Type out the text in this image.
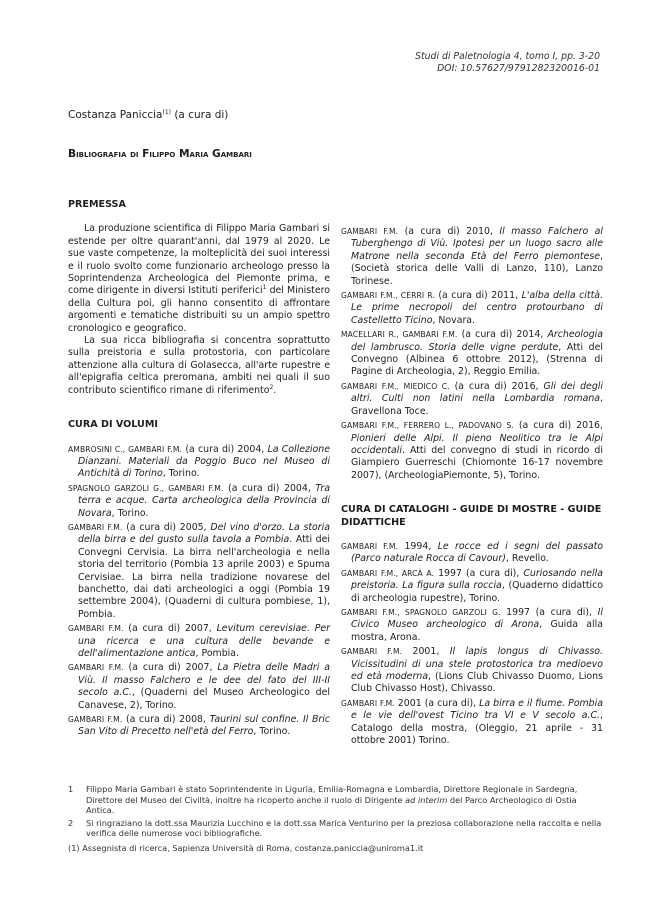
Studi di Paletnologia 4, tomo I, pp. 3-20
DOI: 10.57627/9791282320016-01
Costanza Paniccia$^{(1)}$ (a cura di)
Bibliografia di Filippo Maria Gambari
PREMESSA

La produzione scientifica di Filippo Maria Gambari si estende per oltre quarant'anni, dal 1979 al 2020. Le sue vaste competenze, la molteplicità dei suoi interessi e il ruolo svolto come funzionario archeologo presso la Soprintendenza Archeologica del Piemonte prima, e come dirigente in diversi Istituti periferici$^1$ del Ministero della Cultura poi, gli hanno consentito di affrontare argomenti e tematiche distribuiti su un ampio spettro cronologico e geografico.

La sua ricca bibliografia si concentra soprattutto sulla preistoria e sulla protostoria, con particolare attenzione alla cultura di Golasecca, all'arte rupestre e all'epigrafia celtica preromana, ambiti nei quali il suo contributo scientifico rimane di riferimento$^2$.

CURA DI VOLUMI

AMBROSINI C., GAMBARI F.M. (a cura di) 2004, La Collezione Dianzani. Materiali da Poggio Buco nel Museo di Antichità di Torino, Torino.

SPAGNOLO GARZOLI G., GAMBARI F.M. (a cura di) 2004, Tra terra e acque. Carta archeologica della Provincia di Novara, Torino.

GAMBARI F.M. (a cura di) 2005, Del vino d'orzo. La storia della birra e del gusto sulla tavola a Pombia. Atti dei Convegni Cervisia. La birra nell'archeologia e nella storia del territorio (Pombia 13 aprile 2003) e Spuma Cervisiae. La birra nella tradizione novarese del banchetto, dai dati archeologici a oggi (Pombia 19 settembre 2004), (Quaderni di cultura pombiese, 1), Pombia.

GAMBARI F.M. (a cura di) 2007, Levitum cerevisiae. Per una ricerca e una cultura delle bevande e dell'alimentazione antica, Pombia.

GAMBARI F.M. (a cura di) 2007, La Pietra delle Madri a Viù. Il masso Falchero e le dee del fato del III-II secolo a.C., (Quaderni del Museo Archeologico del Canavese, 2), Torino.

GAMBARI F.M. (a cura di) 2008, Taurini sul confine. Il Bric San Vito di Precetto nell'età del Ferro, Torino.

GAMBARI F.M. (a cura di) 2010, Il masso Falchero al Tuberghengo di Viù. Ipotesi per un luogo sacro alle Matrone nella seconda Età del Ferro piemontese, (Società storica delle Valli di Lanzo, 110), Lanzo Torinese.

GAMBARI F.M., CERRI R. (a cura di) 2011, L'alba della città. Le prime necropoli del centro protourbano di Castelletto Ticino, Novara.

MACELLARI R., GAMBARI F.M. (a cura di) 2014, Archeologia del lambrusco. Storia delle vigne perdute, Atti del Convegno (Albinea 6 ottobre 2012), (Strenna di Pagine di Archeologia, 2), Reggio Emilia.

GAMBARI F.M., MIEDICO C. (a cura di) 2016, Gli dei degli altri. Culti non latini nella Lombardia romana, Gravellona Toce.

GAMBARI F.M., FERRERO L., PADOVANO S. (a cura di) 2016, Pionieri delle Alpi. Il pieno Neolitico tra le Alpi occidentali. Atti del convegno di studi in ricordo di Giampiero Guerreschi (Chiomonte 16-17 novembre 2007), (ArcheologiaPiemonte, 5), Torino.

CURA DI CATALOGHI - GUIDE DI MOSTRE - GUIDE
DIDATTICHE

GAMBARI F.M. 1994, Le rocce ed i segni del passato (Parco naturale Rocca di Cavour), Revello.

GAMBARI F.M., ARCÀ A. 1997 (a cura di), Curiosando nella preistoria. La figura sulla roccia, (Quaderno didattico di archeologia rupestre), Torino.

GAMBARI F.M., SPAGNOLO GARZOLI G. 1997 (a cura di), Il Civico Museo archeologico di Arona, Guida alla mostra, Arona.

GAMBARI F.M. 2001, Il lapis longus di Chivasso. Vicissitudini di una stele protostorica tra medioevo ed età moderna, (Lions Club Chivasso Duomo, Lions Club Chivasso Host), Chivasso.

GAMBARI F.M. 2001 (a cura di), La birra e il fiume. Pombia e le vie dell'ovest Ticino tra VI e V secolo a.C., Catalogo della mostra, (Oleggio, 21 aprile - 31 ottobre 2001) Torino.

1	Filippo Maria Gambari è stato Soprintendente in Liguria, Emilia-Romagna e Lombardia, Direttore Regionale in Sardegna, Direttore del Museo del Civiltà, inoltre ha ricoperto anche il ruolo di Dirigente ad interim del Parco Archeologico di Ostia Antica.
2	Si ringraziano la dott.ssa Maurizia Lucchino e la dott.ssa Marica Venturino per la preziosa collaborazione nella raccolta e nella verifica delle numerose voci bibliografiche.
(1) Assegnista di ricerca, Sapienza Università di Roma, costanza.paniccia@uniroma1.it
